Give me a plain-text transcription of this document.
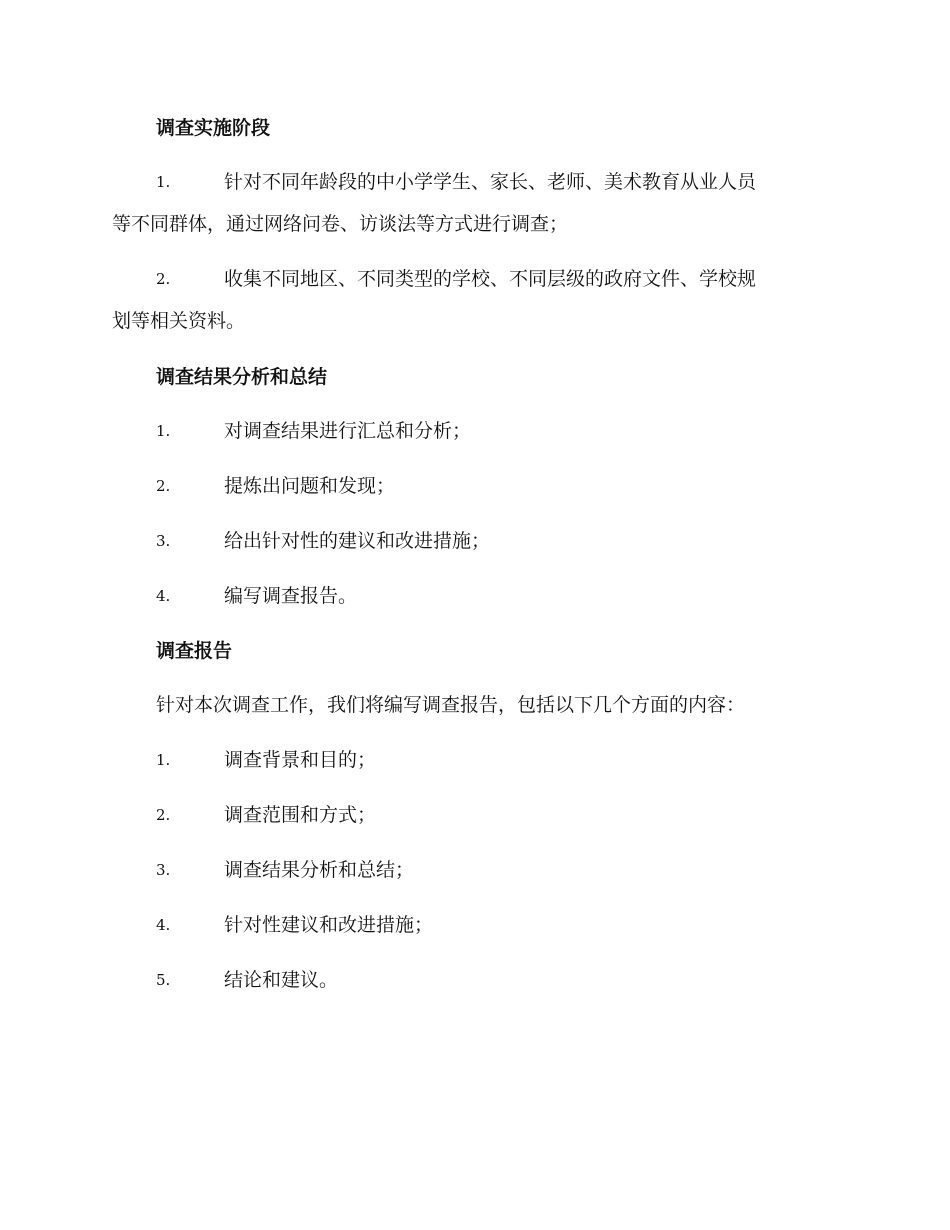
调查实施阶段
1.	针对不同年龄段的中小学学生、家长、老师、美术教育从业人员
等不同群体，通过网络问卷、访谈法等方式进行调查；
2.	收集不同地区、不同类型的学校、不同层级的政府文件、学校规
划等相关资料。
调查结果分析和总结
1.	对调查结果进行汇总和分析；
2.	提炼出问题和发现；
3.	给出针对性的建议和改进措施；
4.	编写调查报告。
调查报告
针对本次调查工作，我们将编写调查报告，包括以下几个方面的内容：
1.	调查背景和目的；
2.	调查范围和方式；
3.	调查结果分析和总结；
4.	针对性建议和改进措施；
5.	结论和建议。
